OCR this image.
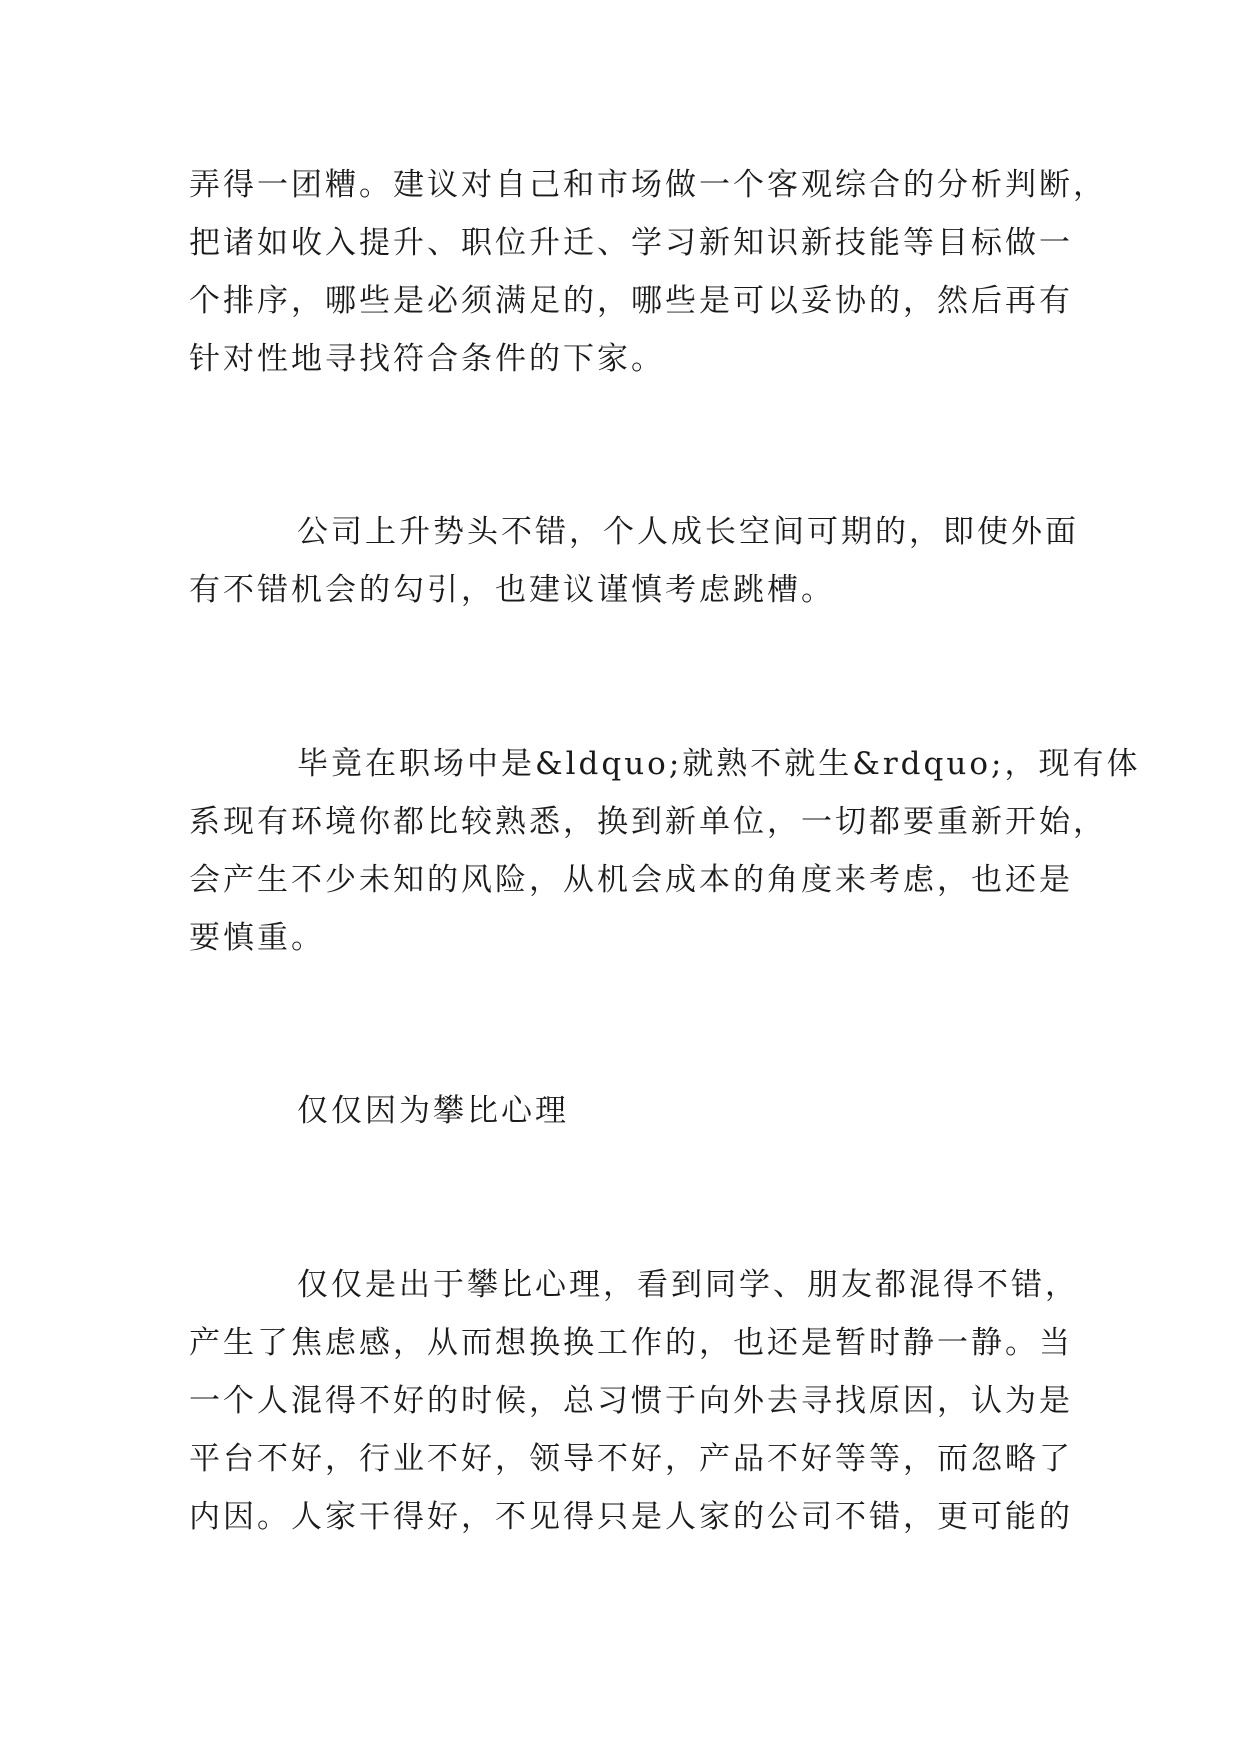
弄得一团糟。建议对自己和市场做一个客观综合的分析判断，
把诸如收入提升、职位升迁、学习新知识新技能等目标做一
个排序，哪些是必须满足的，哪些是可以妥协的，然后再有
针对性地寻找符合条件的下家。
公司上升势头不错，个人成长空间可期的，即使外面
有不错机会的勾引，也建议谨慎考虑跳槽。
毕竟在职场中是&ldquo;就熟不就生&rdquo;，现有体
系现有环境你都比较熟悉，换到新单位，一切都要重新开始，
会产生不少未知的风险，从机会成本的角度来考虑，也还是
要慎重。
仅仅因为攀比心理
仅仅是出于攀比心理，看到同学、朋友都混得不错，
产生了焦虑感，从而想换换工作的，也还是暂时静一静。当
一个人混得不好的时候，总习惯于向外去寻找原因，认为是
平台不好，行业不好，领导不好，产品不好等等，而忽略了
内因。人家干得好，不见得只是人家的公司不错，更可能的
